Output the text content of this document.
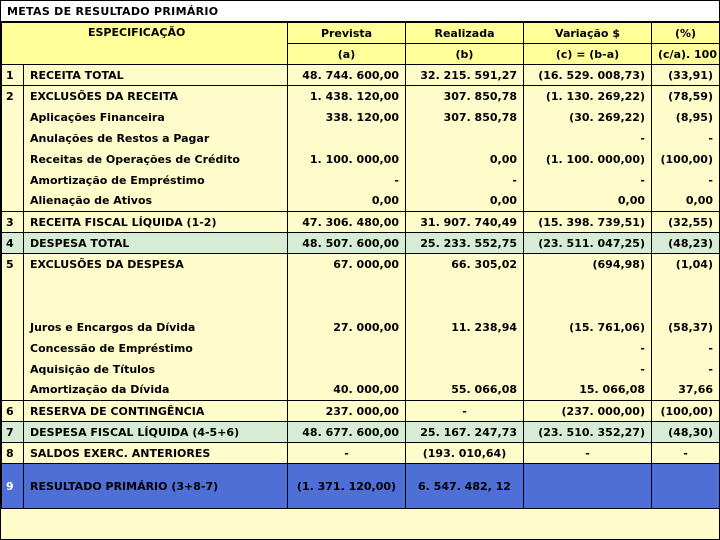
METAS DE RESULTADO PRIMÁRIO
ESPECIFICAÇÃO		Prevista	Realizada	Variação $	(%)
		(a)	(b)	(c) = (b-a)	(c/a). 100
1	RECEITA TOTAL	48. 744. 600,00	32. 215. 591,27	(16. 529. 008,73)	(33,91)
2	EXCLUSÕES DA RECEITA	1. 438. 120,00	307. 850,78	(1. 130. 269,22)	(78,59)
	Aplicações Financeira	338. 120,00	307. 850,78	(30. 269,22)	(8,95)
	Anulações de Restos a Pagar			-	-
	Receitas de Operações de Crédito	1. 100. 000,00	0,00	(1. 100. 000,00)	(100,00)
	Amortização de Empréstimo	-	-	-	-
	Alienação de Ativos	0,00	0,00	0,00	0,00
3	RECEITA FISCAL LÍQUIDA (1-2)	47. 306. 480,00	31. 907. 740,49	(15. 398. 739,51)	(32,55)
4	DESPESA TOTAL	48. 507. 600,00	25. 233. 552,75	(23. 511. 047,25)	(48,23)
5	EXCLUSÕES DA DESPESA	67. 000,00	66. 305,02	(694,98)	(1,04)
	Juros e Encargos da Dívida	27. 000,00	11. 238,94	(15. 761,06)	(58,37)
	Concessão de Empréstimo			-	-
	Aquisição de Títulos			-	-
	Amortização da Dívida	40. 000,00	55. 066,08	15. 066,08	37,66
6	RESERVA DE CONTINGÊNCIA	237. 000,00	-	(237. 000,00)	(100,00)
7	DESPESA FISCAL LÍQUIDA (4-5+6)	48. 677. 600,00	25. 167. 247,73	(23. 510. 352,27)	(48,30)
8	SALDOS EXERC. ANTERIORES	-	(193. 010,64)	-	-
9	RESULTADO PRIMÁRIO (3+8-7)	(1. 371. 120,00)	6. 547. 482, 12		
